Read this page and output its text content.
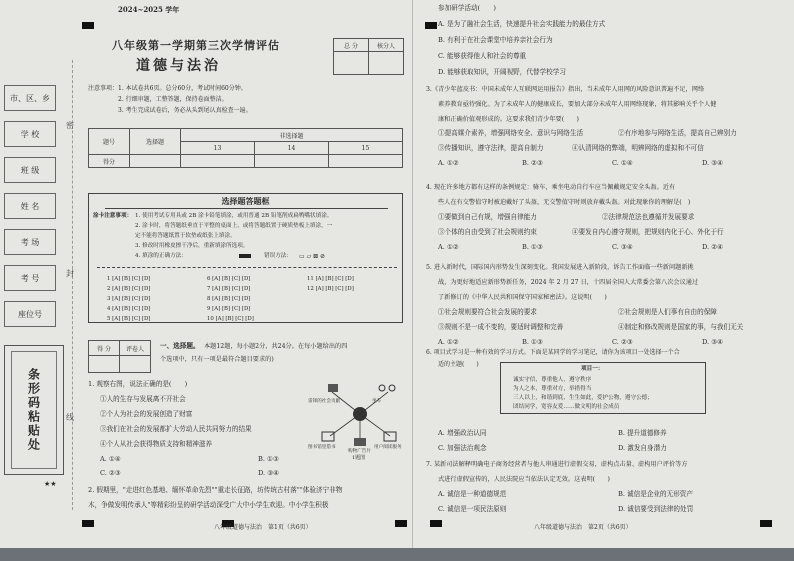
市、区、乡
学 校
班 级
姓 名
考 场
考 号
座位号
密
封
线
条形码粘贴处
★★
2024~2025 学年
八年级第一学期第三次学情评估
道德与法治
总 分	核分人

注意事项： 1. 本试卷共6页。总分60分，考试时间60分钟。
2. 行细审题，工整答题，保持卷面整洁。
3. 考生完成试卷后，务必从头到尾认真检查一遍。
题号	选择题	非选择题		
		13	14	15
得分				
选择题答题框
涂卡注意事项： 1. 使用考试专用具或 2B 涂卡铅笔填涂，或用普通 2B 铅笔削成扁鸭嘴状填涂。
2. 涂卡时，将答题纸垂直于平整的桌面上，或将答题纸置于硬质垫板上填涂，一
定不能将答题纸置于软垫或纸张上填涂。
3. 修改时用橡皮擦干净后，重新填涂所选项。
4. 填涂的正确方法：	错误方法： ▭ ▱ ⊠ ⊘
1 [A] [B] [C] [D]	6 [A] [B] [C] [D]	11 [A] [B] [C] [D]
2 [A] [B] [C] [D]	7 [A] [B] [C] [D]	12 [A] [B] [C] [D]
3 [A] [B] [C] [D]	8 [A] [B] [C] [D]
4 [A] [B] [C] [D]	9 [A] [B] [C] [D]
5 [A] [B] [C] [D]	10 [A] [B] [C] [D]
得 分	评卷人
	一、选择题。 本题12题，每小题2分，共24分。在每小题给出的四
个选项中，只有一项是最符合题目要求的)
1. 观察右图，说法正确的是(　　)
①人的生存与发展离不开社会
②个人为社会的发展创造了财富
③我们在社会的发展都扩大劳动人民共同努力的结果
④个人从社会获得物质支持和精神滋养
A. ①④	B. ①③
C. ②③	D. ③④
雷锋的社会贡献	坐车
图书馆里借书	用户阅读服务
购物广告片
1题图
2. 假期里，"走进红色基地、缅怀革命先烈""重走长征路，坊传统古村落""体验济宁非物
木，争做发明传承人"等精彩纷呈的研学活动深受广大中小学生欢迎。中小学生积极
八年级道德与法治　第1页（共6页）
参加研学活动(　　)
A. 是为了融社会生活，快速提升社会实践能力的最佳方式
B. 有利于在社会课堂中培养亲社会行为
C. 能够获得他人和社会的尊重
D. 能够获取知识，开阔视野，代替学校学习
3.《青少年蓝皮书：中国未成年人互联网运用报告》指出，当未成年人用网的风险意识普遍不足，网络
素养教育亟待强化。为了未成年人的健康成长，要加大部分未成年人用网络现象，将其影响关乎个人健
康和正确价值观形成的。这要求我们青少年要(　　)
①提高媒介素养，增强网络安全、意识与网络生活	②有序地参与网络生活，提高自己辨别力
③传播知识，遵守法律，提高自制力	④认清网络的弊端，明辨网络的虚拟和不可信
A. ①②	B. ②③	C. ①④	D. ③④
4. 现在许多地方都有这样的条例规定：骑车，乘坐电动自行车应当佩戴规定安全头盔。近有
些人在有交警值守时被迫戴好了头盔，无交警值守时则放弃戴头盔。对此现象你的理解是(　)
①要做到自己有规，增强自律能力	②法律规范法也遵循并发展要求
③个体的自由受到了社会规则约束	④要发自内心遵守规则，把规则内化于心、外化于行
A. ①②	B. ①③	C. ③④	D. ②④
5. 进入新时代，国际国内形势发生深刻变化。我国发展进入新阶段，诉告工作面临一些新问题新挑
战，为更好地适应新形势新任务，2024 年 2 月 27 日，十四届全国人大常委会第八次会议通过
了新修订的《中华人民共和国保守国家秘密法》。这说明(　　)
①社会规则要符合社会发展的要求	②社会规则是人们事有自由的保障
③规则不是一成不变的，要适时调整和完善	④制定和修改规则是国家的事，与我们无关
A. ①②	B. ①③	C. ②③	D. ③④
6. 项目式学习是一种有效的学习方式。下面是某同学的学习笔记，请你为该项目一处选择一个合
项目一：
诚实守信，尊重他人，遵守秩序
为人之本，尊重对方，举措得当
三人以上，和谐到底，生生如此，爱护公物，遵守公德；
团结同学，宽容友爱……做文明的社会成员
适的主题(　　)
A. 增强政治认同	B. 提升道德修养
C. 加强法治观念	D. 激发自身潜力
7. 某新司法解释明确电子商务经营者与他人串通进行虚假交易，虚构点击量、虚构用户评价等方
式进行虚假宣传的，人民法院应当依法认定无效。这表明(　　)
A. 诚信是一种道德规范	B. 诚信是企业的无形资产
C. 诚信是一项民法原则	D. 诚信要受到法律的处罚
八年级道德与法治　第2页（共6页）
